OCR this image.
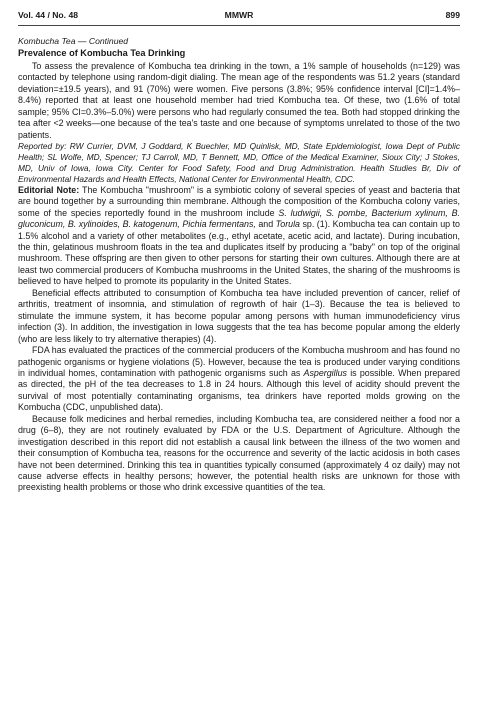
Vol. 44 / No. 48	MMWR	899
Kombucha Tea — Continued
Prevalence of Kombucha Tea Drinking

To assess the prevalence of Kombucha tea drinking in the town, a 1% sample of households (n=129) was contacted by telephone using random-digit dialing. The mean age of the respondents was 51.2 years (standard deviation=±19.5 years), and 91 (70%) were women. Five persons (3.8%; 95% confidence interval [CI]=1.4%–8.4%) reported that at least one household member had tried Kombucha tea. Of these, two (1.6% of total sample; 95% CI=0.3%–5.0%) were persons who had regularly consumed the tea. Both had stopped drinking the tea after <2 weeks—one because of the tea's taste and one because of symptoms unrelated to those of the two patients.

Reported by: RW Currier, DVM, J Goddard, K Buechler, MD Quinlisk, MD, State Epidemiologist, Iowa Dept of Public Health; SL Wolfe, MD, Spencer; TJ Carroll, MD, T Bennett, MD, Office of the Medical Examiner, Sioux City; J Stokes, MD, Univ of Iowa, Iowa City. Center for Food Safety, Food and Drug Administration. Health Studies Br, Div of Environmental Hazards and Health Effects, National Center for Environmental Health, CDC.

Editorial Note: The Kombucha "mushroom" is a symbiotic colony of several species of yeast and bacteria that are bound together by a surrounding thin membrane. Although the composition of the Kombucha colony varies, some of the species reportedly found in the mushroom include S. ludwigii, S. pombe, Bacterium xylinum, B. gluconicum, B. xylinoides, B. katogenum, Pichia fermentans, and Torula sp. (1). Kombucha tea can contain up to 1.5% alcohol and a variety of other metabolites (e.g., ethyl acetate, acetic acid, and lactate). During incubation, the thin, gelatinous mushroom floats in the tea and duplicates itself by producing a "baby" on top of the original mushroom. These offspring are then given to other persons for starting their own cultures. Although there are at least two commercial producers of Kombucha mushrooms in the United States, the sharing of the mushrooms is believed to have helped to promote its popularity in the United States.

Beneficial effects attributed to consumption of Kombucha tea have included prevention of cancer, relief of arthritis, treatment of insomnia, and stimulation of regrowth of hair (1–3). Because the tea is believed to stimulate the immune system, it has become popular among persons with human immunodeficiency virus infection (3). In addition, the investigation in Iowa suggests that the tea has become popular among the elderly (who are less likely to try alternative therapies) (4).

FDA has evaluated the practices of the commercial producers of the Kombucha mushroom and has found no pathogenic organisms or hygiene violations (5). However, because the tea is produced under varying conditions in individual homes, contamination with pathogenic organisms such as Aspergillus is possible. When prepared as directed, the pH of the tea decreases to 1.8 in 24 hours. Although this level of acidity should prevent the survival of most potentially contaminating organisms, tea drinkers have reported molds growing on the Kombucha (CDC, unpublished data).

Because folk medicines and herbal remedies, including Kombucha tea, are considered neither a food nor a drug (6–8), they are not routinely evaluated by FDA or the U.S. Department of Agriculture. Although the investigation described in this report did not establish a causal link between the illness of the two women and their consumption of Kombucha tea, reasons for the occurrence and severity of the lactic acidosis in both cases have not been determined. Drinking this tea in quantities typically consumed (approximately 4 oz daily) may not cause adverse effects in healthy persons; however, the potential health risks are unknown for those with preexisting health problems or those who drink excessive quantities of the tea.
